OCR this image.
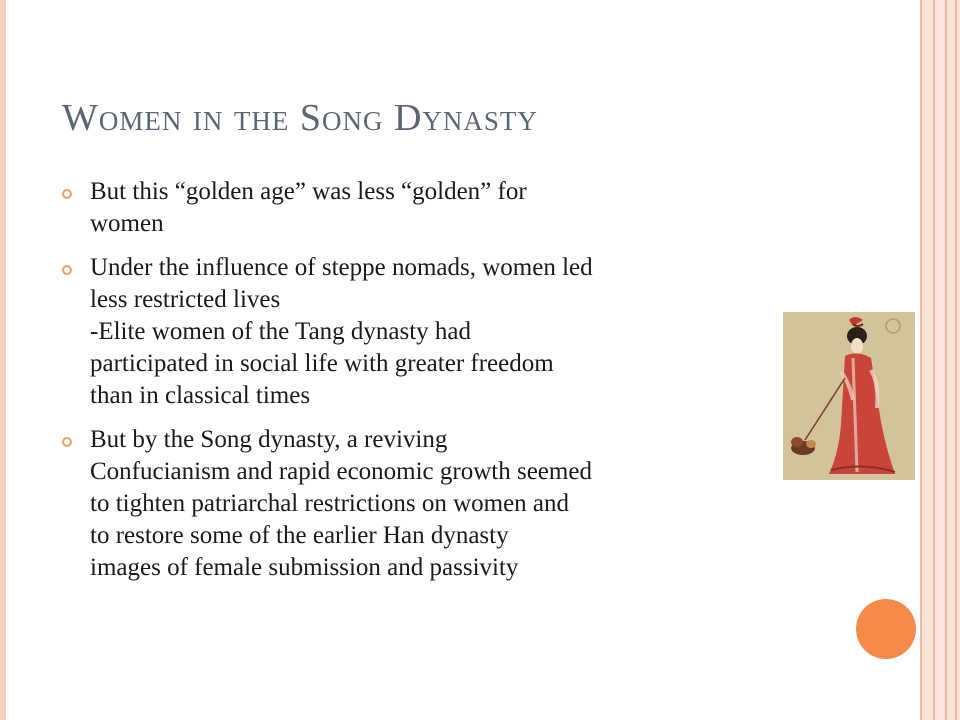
Women in the Song Dynasty
But this “golden age” was less “golden” for
women
Under the influence of steppe nomads, women led
less restricted lives
-Elite women of the Tang dynasty had
participated in social life with greater freedom
than in classical times
But by the Song dynasty, a reviving
Confucianism and rapid economic growth seemed
to tighten patriarchal restrictions on women and
to restore some of the earlier Han dynasty
images of female submission and passivity
